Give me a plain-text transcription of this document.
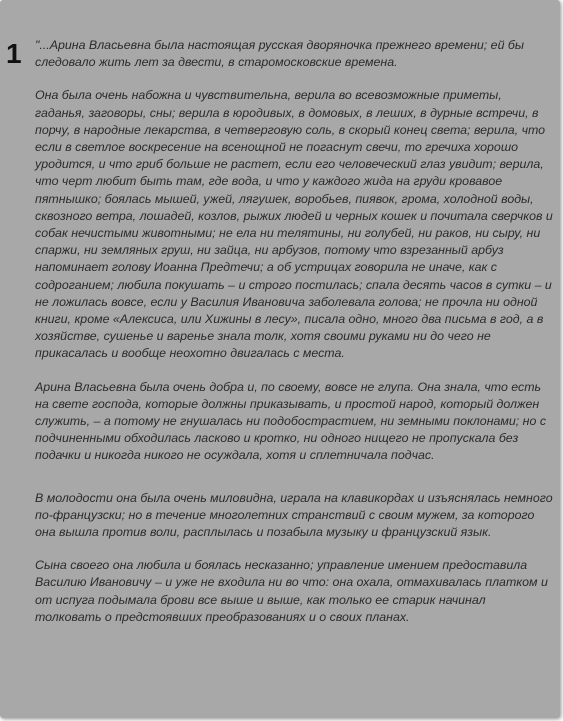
1 "...Арина Власьевна была настоящая русская дворяночка прежнего времени; ей бы следовало жить лет за двести, в старомосковские времена.

Она была очень набожна и чувствительна, верила во всевозможные приметы, гаданья, заговоры, сны; верила в юродивых, в домовых, в леших, в дурные встречи, в порчу, в народные лекарства, в четверговую соль, в скорый конец света; верила, что если в светлое воскресение на всенощной не погаснут свечи, то гречиха хорошо уродится, и что гриб больше не растет, если его человеческий глаз увидит; верила, что черт любит быть там, где вода, и что у каждого жида на груди кровавое пятнышко; боялась мышей, ужей, лягушек, воробьев, пиявок, грома, холодной воды, сквозного ветра, лошадей, козлов, рыжих людей и черных кошек и почитала сверчков и собак нечистыми животными; не ела ни телятины, ни голубей, ни раков, ни сыру, ни спаржи, ни земляных груш, ни зайца, ни арбузов, потому что взрезанный арбуз напоминает голову Иоанна Предтечи; а об устрицах говорила не иначе, как с содроганием; любила покушать – и строго постилась; спала десять часов в сутки – и не ложилась вовсе, если у Василия Ивановича заболевала голова; не прочла ни одной книги, кроме «Алексиса, или Хижины в лесу», писала одно, много два письма в год, а в хозяйстве, сушенье и варенье знала толк, хотя своими руками ни до чего не прикасалась и вообще неохотно двигалась с места.

Арина Власьевна была очень добра и, по своему, вовсе не глупа. Она знала, что есть на свете господа, которые должны приказывать, и простой народ, который должен служить, – а потому не гнушалась ни подобострастием, ни земными поклонами; но с подчиненными обходилась ласково и кротко, ни одного нищего не пропускала без подачки и никогда никого не осуждала, хотя и сплетничала подчас.

В молодости она была очень миловидна, играла на клавикордах и изъяснялась немного по-французски; но в течение многолетних странствий с своим мужем, за которого она вышла против воли, расплылась и позабыла музыку и французский язык.

Сына своего она любила и боялась несказанно; управление имением предоставила Василию Ивановичу – и уже не входила ни во что: она охала, отмахивалась платком и от испуга подымала брови все выше и выше, как только ее старик начинал толковать о предстоявших преобразованиях и о своих планах.
